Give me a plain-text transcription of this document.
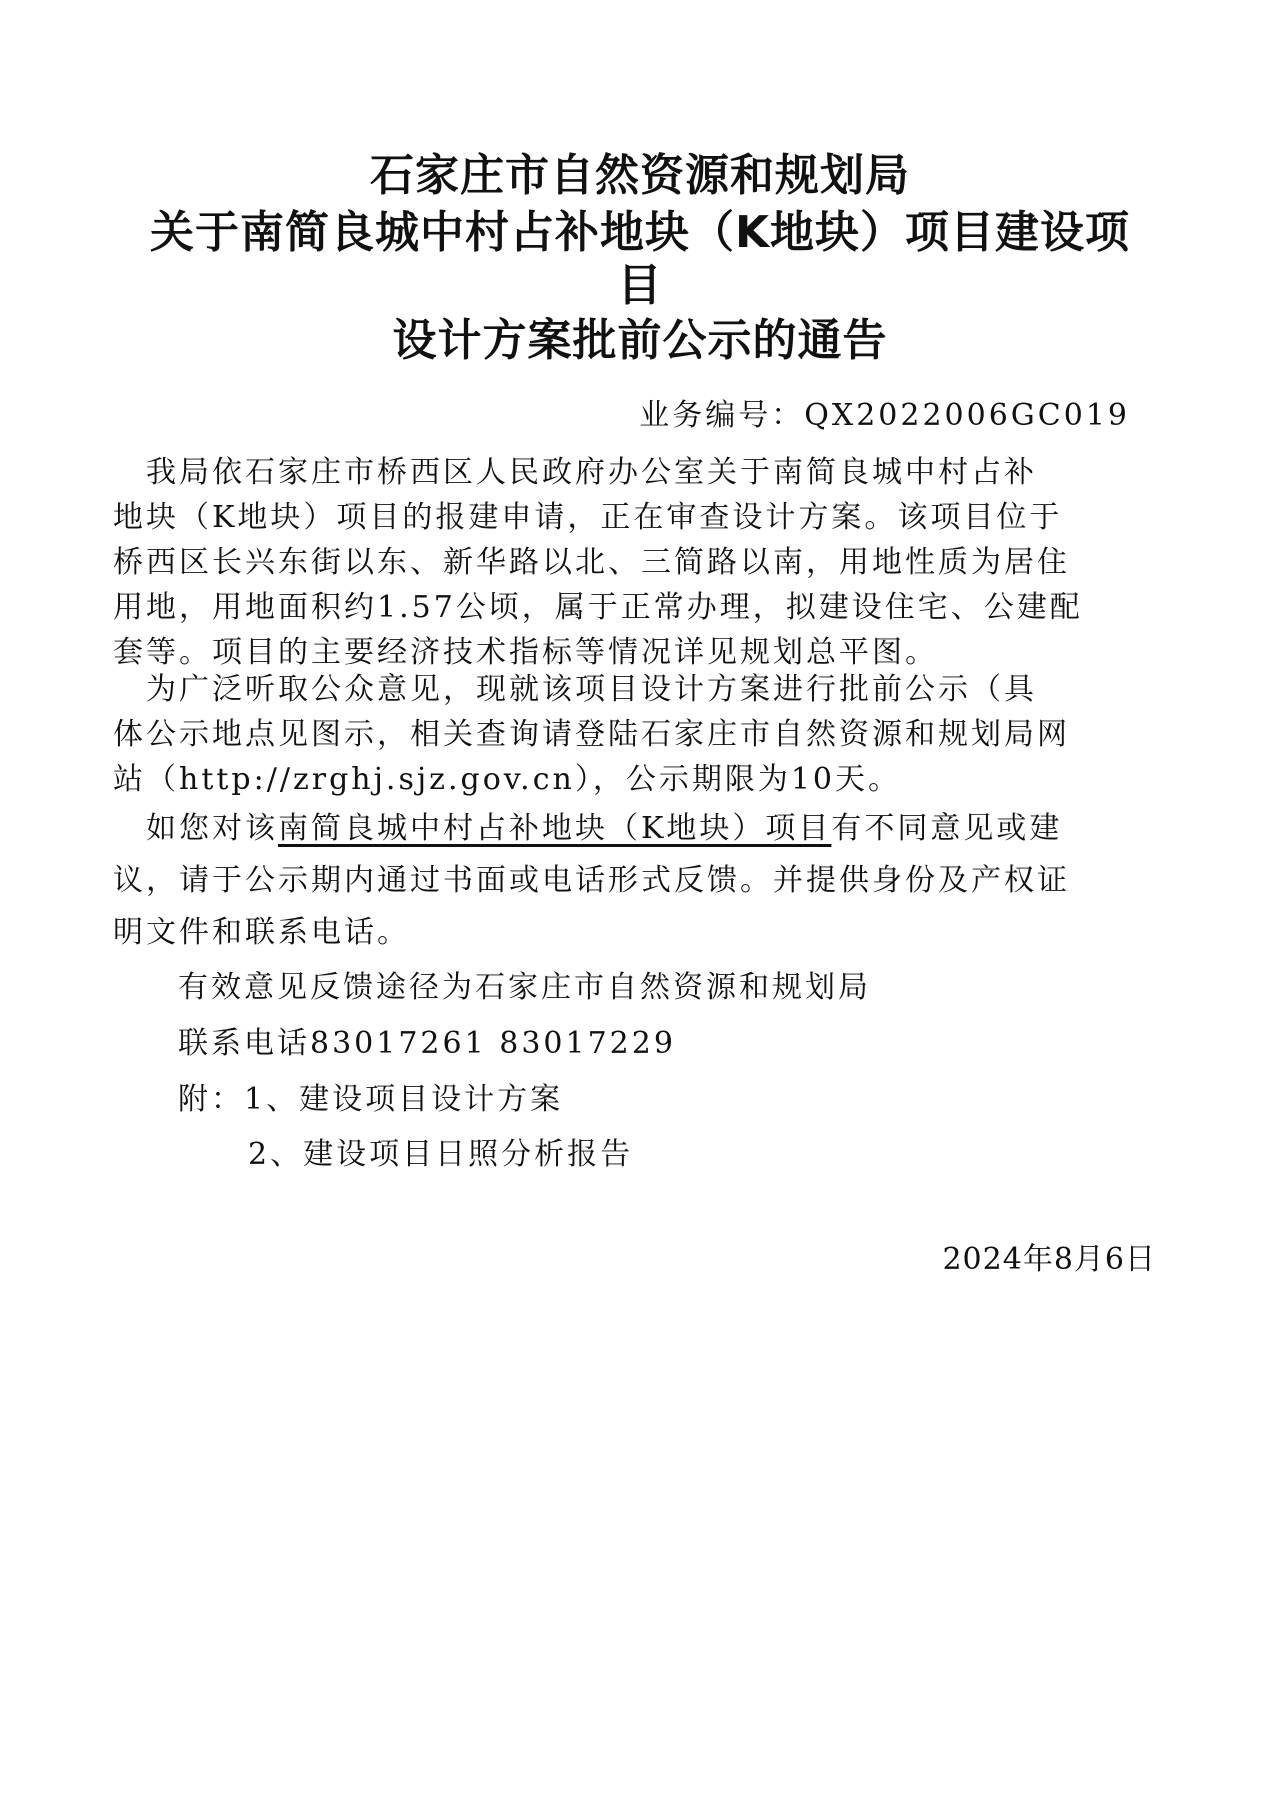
石家庄市自然资源和规划局
关于南简良城中村占补地块（K地块）项目建设项
目
设计方案批前公示的通告
业务编号：QX2022006GC019
　我局依石家庄市桥西区人民政府办公室关于南简良城中村占补
地块（K地块）项目的报建申请，正在审查设计方案。该项目位于
桥西区长兴东街以东、新华路以北、三简路以南，用地性质为居住
用地，用地面积约1.57公顷，属于正常办理，拟建设住宅、公建配
套等。项目的主要经济技术指标等情况详见规划总平图。
　为广泛听取公众意见，现就该项目设计方案进行批前公示（具
体公示地点见图示，相关查询请登陆石家庄市自然资源和规划局网
站（http://zrghj.sjz.gov.cn），公示期限为10天。
　如您对该南简良城中村占补地块（K地块）项目有不同意见或建
议，请于公示期内通过书面或电话形式反馈。并提供身份及产权证
明文件和联系电话。
有效意见反馈途径为石家庄市自然资源和规划局
联系电话83017261 83017229
附：1、建设项目设计方案
2、建设项目日照分析报告
2024年8月6日
